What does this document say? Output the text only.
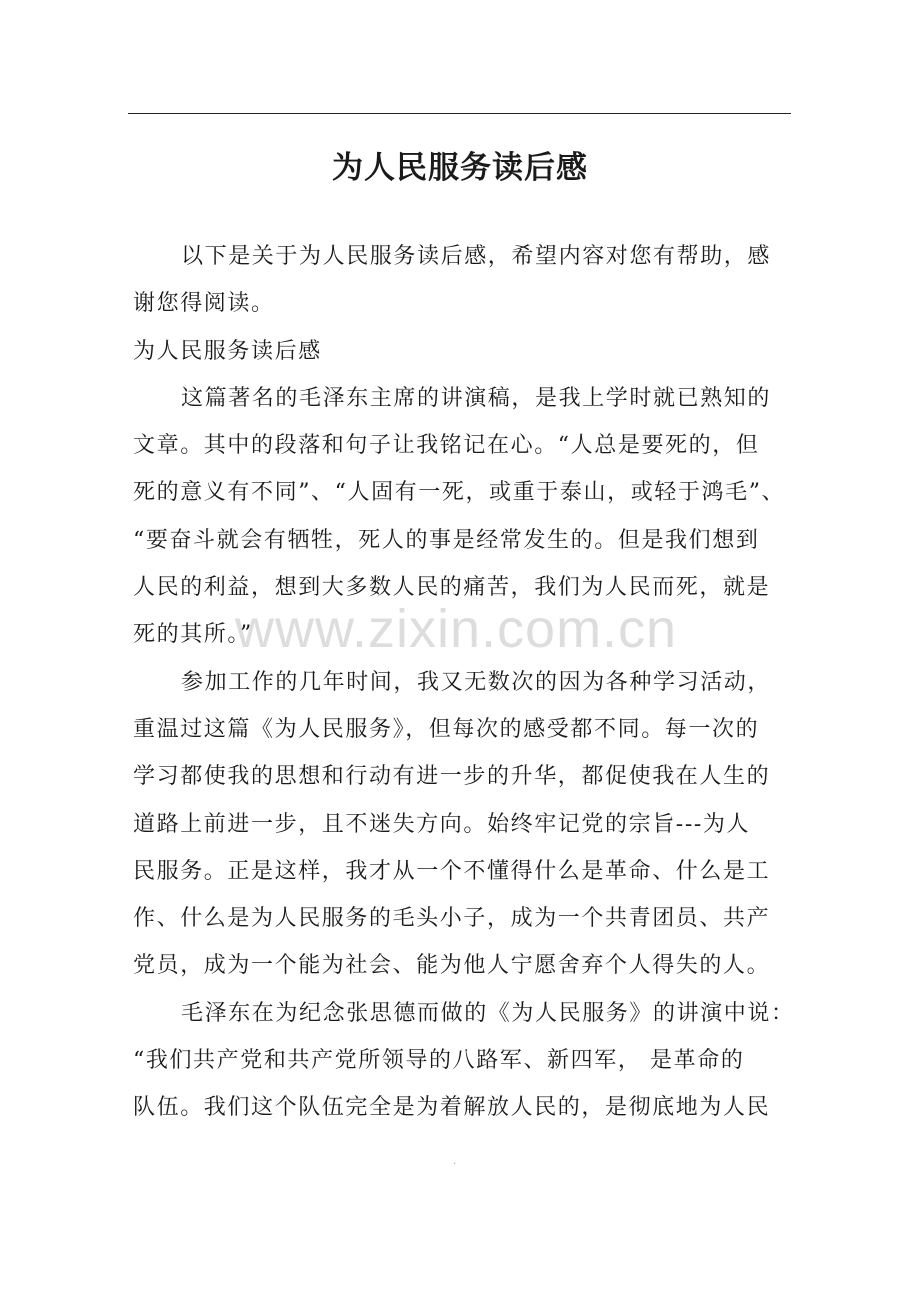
为人民服务读后感
以下是关于为人民服务读后感，希望内容对您有帮助，感
谢您得阅读。
为人民服务读后感
这篇著名的毛泽东主席的讲演稿，是我上学时就已熟知的
文章。其中的段落和句子让我铭记在心。“人总是要死的，但
死的意义有不同”、“人固有一死，或重于泰山，或轻于鸿毛”、
“要奋斗就会有牺牲，死人的事是经常发生的。但是我们想到
人民的利益，想到大多数人民的痛苦，我们为人民而死，就是
死的其所。”
参加工作的几年时间，我又无数次的因为各种学习活动，
重温过这篇《为人民服务》，但每次的感受都不同。每一次的
学习都使我的思想和行动有进一步的升华，都促使我在人生的
道路上前进一步，且不迷失方向。始终牢记党的宗旨---为人
民服务。正是这样，我才从一个不懂得什么是革命、什么是工
作、什么是为人民服务的毛头小子，成为一个共青团员、共产
党员，成为一个能为社会、能为他人宁愿舍弃个人得失的人。
毛泽东在为纪念张思德而做的《为人民服务》的讲演中说：
“我们共产党和共产党所领导的八路军、新四军， 是革命的
队伍。我们这个队伍完全是为着解放人民的，是彻底地为人民
www.zixin.com.cn
.
